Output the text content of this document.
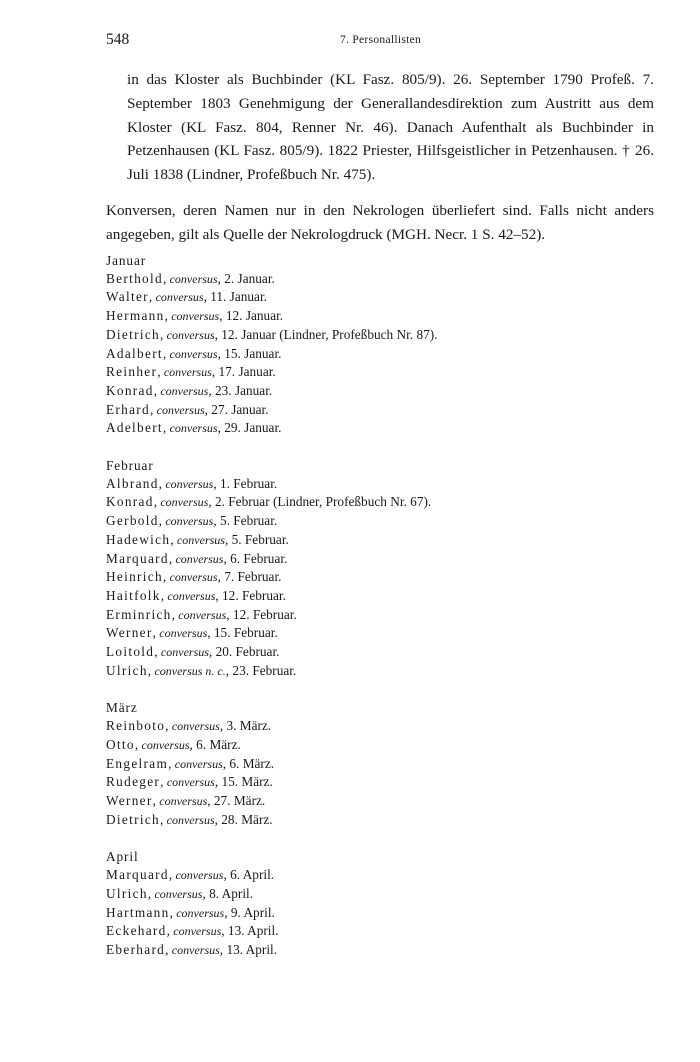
548	7. Personallisten

in das Kloster als Buchbinder (KL Fasz. 805/9). 26. September 1790 Profeß. 7. September 1803 Genehmigung der Generallandesdirektion zum Austritt aus dem Kloster (KL Fasz. 804, Renner Nr. 46). Danach Aufenthalt als Buchbinder in Petzenhausen (KL Fasz. 805/9). 1822 Priester, Hilfsgeistlicher in Petzenhausen. † 26. Juli 1838 (Lindner, Profeßbuch Nr. 475).

Konversen, deren Namen nur in den Nekrologen überliefert sind. Falls nicht anders angegeben, gilt als Quelle der Nekrologdruck (MGH. Necr. 1 S. 42–52).

Januar
Berthold, conversus, 2. Januar.
Walter, conversus, 11. Januar.
Hermann, conversus, 12. Januar.
Dietrich, conversus, 12. Januar (Lindner, Profeßbuch Nr. 87).
Adalbert, conversus, 15. Januar.
Reinher, conversus, 17. Januar.
Konrad, conversus, 23. Januar.
Erhard, conversus, 27. Januar.
Adelbert, conversus, 29. Januar.
Februar
Albrand, conversus, 1. Februar.
Konrad, conversus, 2. Februar (Lindner, Profeßbuch Nr. 67).
Gerbold, conversus, 5. Februar.
Hadewich, conversus, 5. Februar.
Marquard, conversus, 6. Februar.
Heinrich, conversus, 7. Februar.
Haitfolk, conversus, 12. Februar.
Erminrich, conversus, 12. Februar.
Werner, conversus, 15. Februar.
Loitold, conversus, 20. Februar.
Ulrich, conversus n. c., 23. Februar.
März
Reinboto, conversus, 3. März.
Otto, conversus, 6. März.
Engelram, conversus, 6. März.
Rudeger, conversus, 15. März.
Werner, conversus, 27. März.
Dietrich, conversus, 28. März.
April
Marquard, conversus, 6. April.
Ulrich, conversus, 8. April.
Hartmann, conversus, 9. April.
Eckehard, conversus, 13. April.
Eberhard, conversus, 13. April.
